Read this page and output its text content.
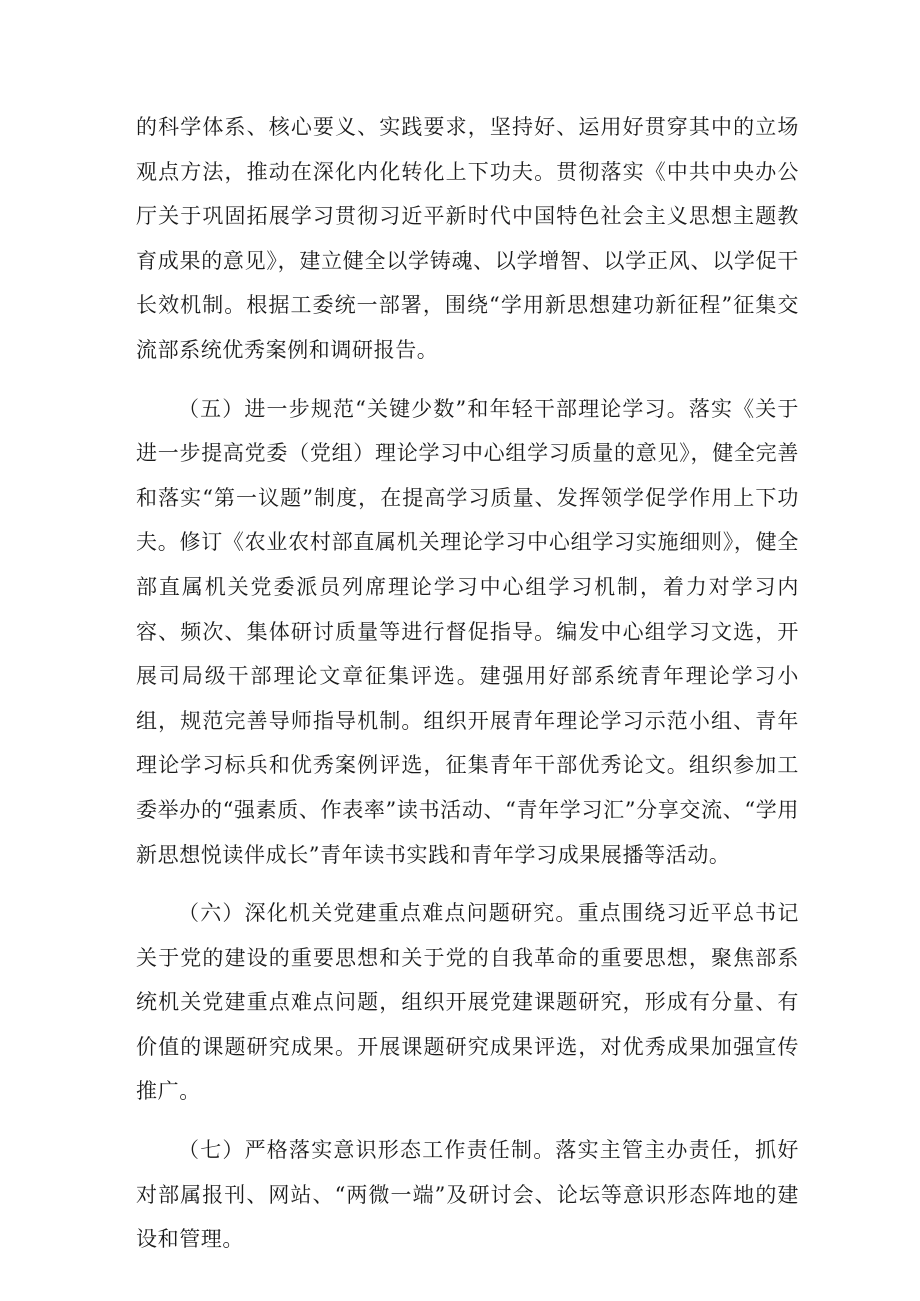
的科学体系、核心要义、实践要求，坚持好、运用好贯穿其中的立场观点方法，推动在深化内化转化上下功夫。贯彻落实《中共中央办公厅关于巩固拓展学习贯彻习近平新时代中国特色社会主义思想主题教育成果的意见》，建立健全以学铸魂、以学增智、以学正风、以学促干长效机制。根据工委统一部署，围绕“学用新思想建功新征程”征集交流部系统优秀案例和调研报告。

（五）进一步规范“关键少数”和年轻干部理论学习。落实《关于进一步提高党委（党组）理论学习中心组学习质量的意见》，健全完善和落实“第一议题”制度，在提高学习质量、发挥领学促学作用上下功夫。修订《农业农村部直属机关理论学习中心组学习实施细则》，健全部直属机关党委派员列席理论学习中心组学习机制，着力对学习内容、频次、集体研讨质量等进行督促指导。编发中心组学习文选，开展司局级干部理论文章征集评选。建强用好部系统青年理论学习小组，规范完善导师指导机制。组织开展青年理论学习示范小组、青年理论学习标兵和优秀案例评选，征集青年干部优秀论文。组织参加工委举办的“强素质、作表率”读书活动、“青年学习汇”分享交流、“学用新思想悦读伴成长”青年读书实践和青年学习成果展播等活动。

（六）深化机关党建重点难点问题研究。重点围绕习近平总书记关于党的建设的重要思想和关于党的自我革命的重要思想，聚焦部系统机关党建重点难点问题，组织开展党建课题研究，形成有分量、有价值的课题研究成果。开展课题研究成果评选，对优秀成果加强宣传推广。

（七）严格落实意识形态工作责任制。落实主管主办责任，抓好对部属报刊、网站、“两微一端”及研讨会、论坛等意识形态阵地的建设和管理。
